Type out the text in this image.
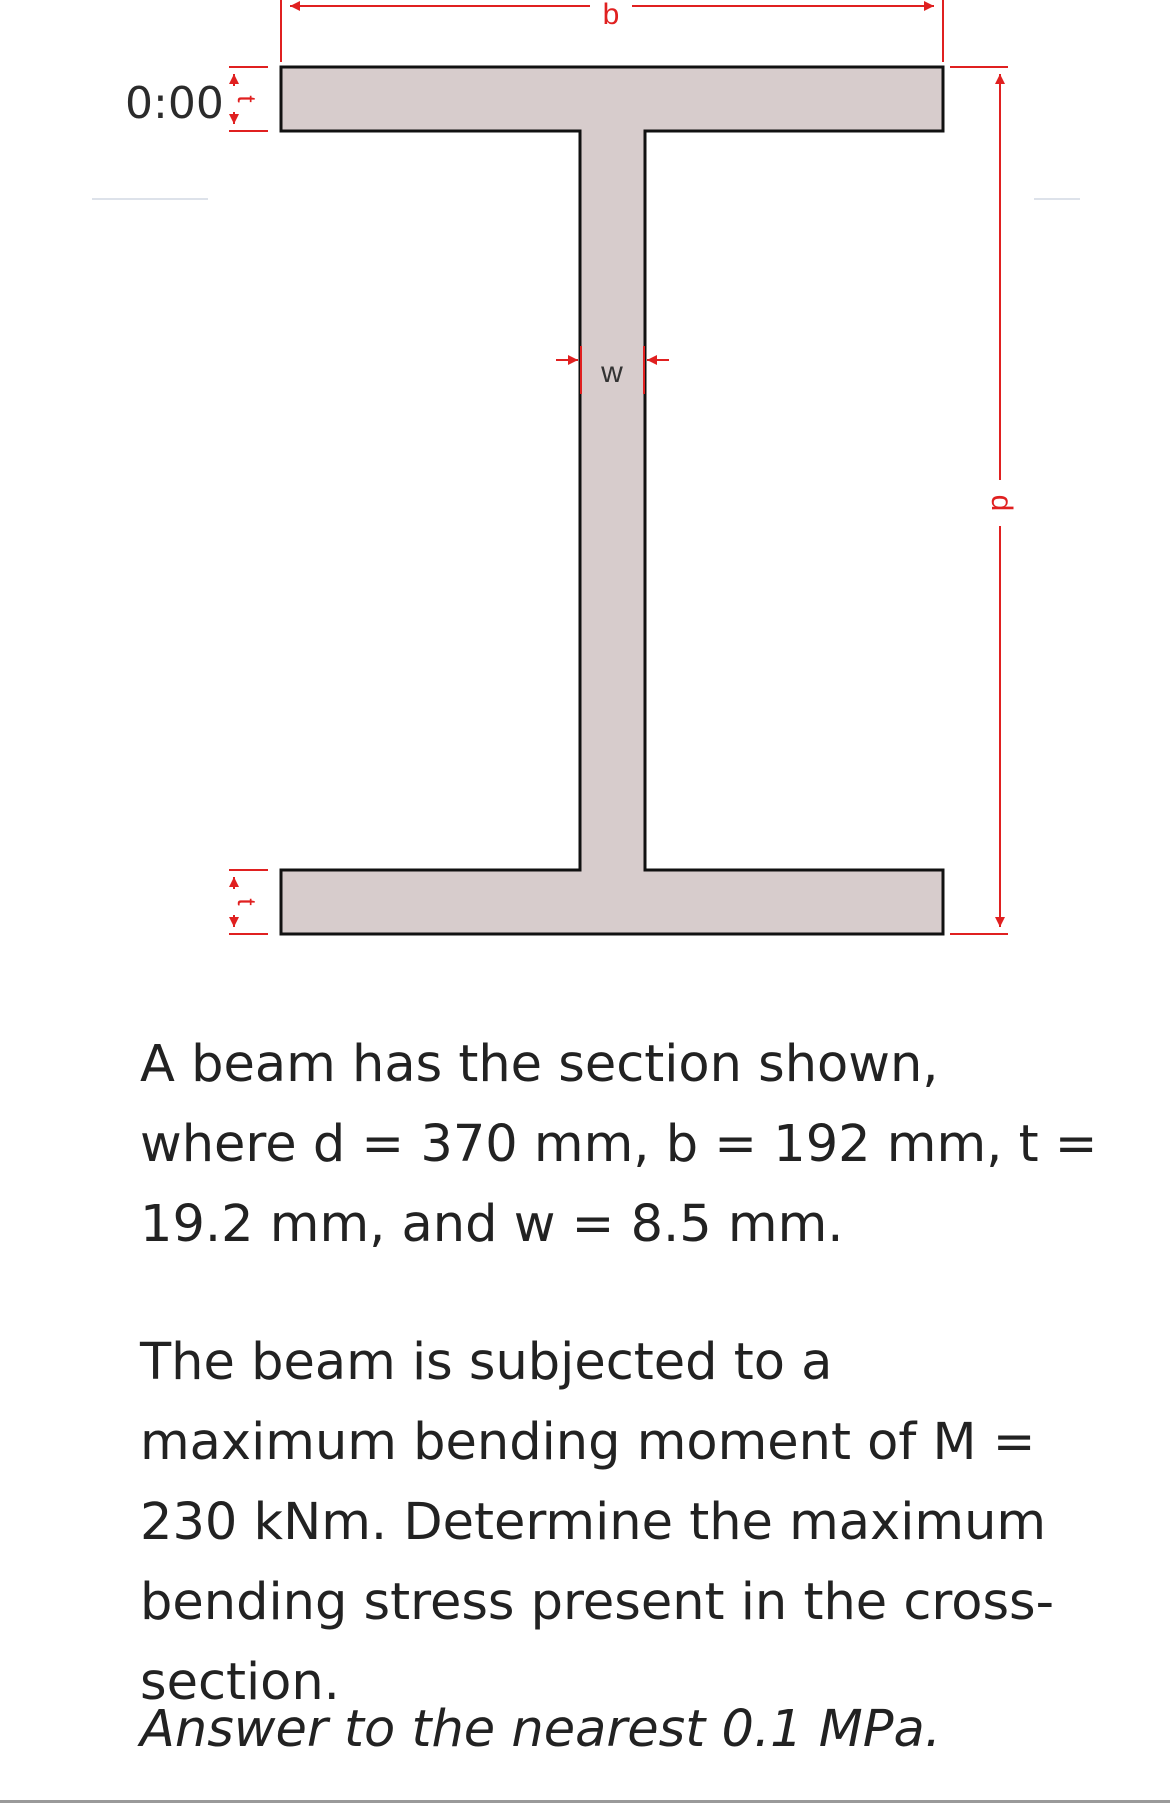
0:00
b
d
t
t
w
A beam has the section shown, where d = 370 mm, b = 192 mm, t = 19.2 mm, and w = 8.5 mm.
The beam is subjected to a maximum bending moment of M = 230 kNm. Determine the maximum bending stress present in the cross-section.
Answer to the nearest 0.1 MPa.
